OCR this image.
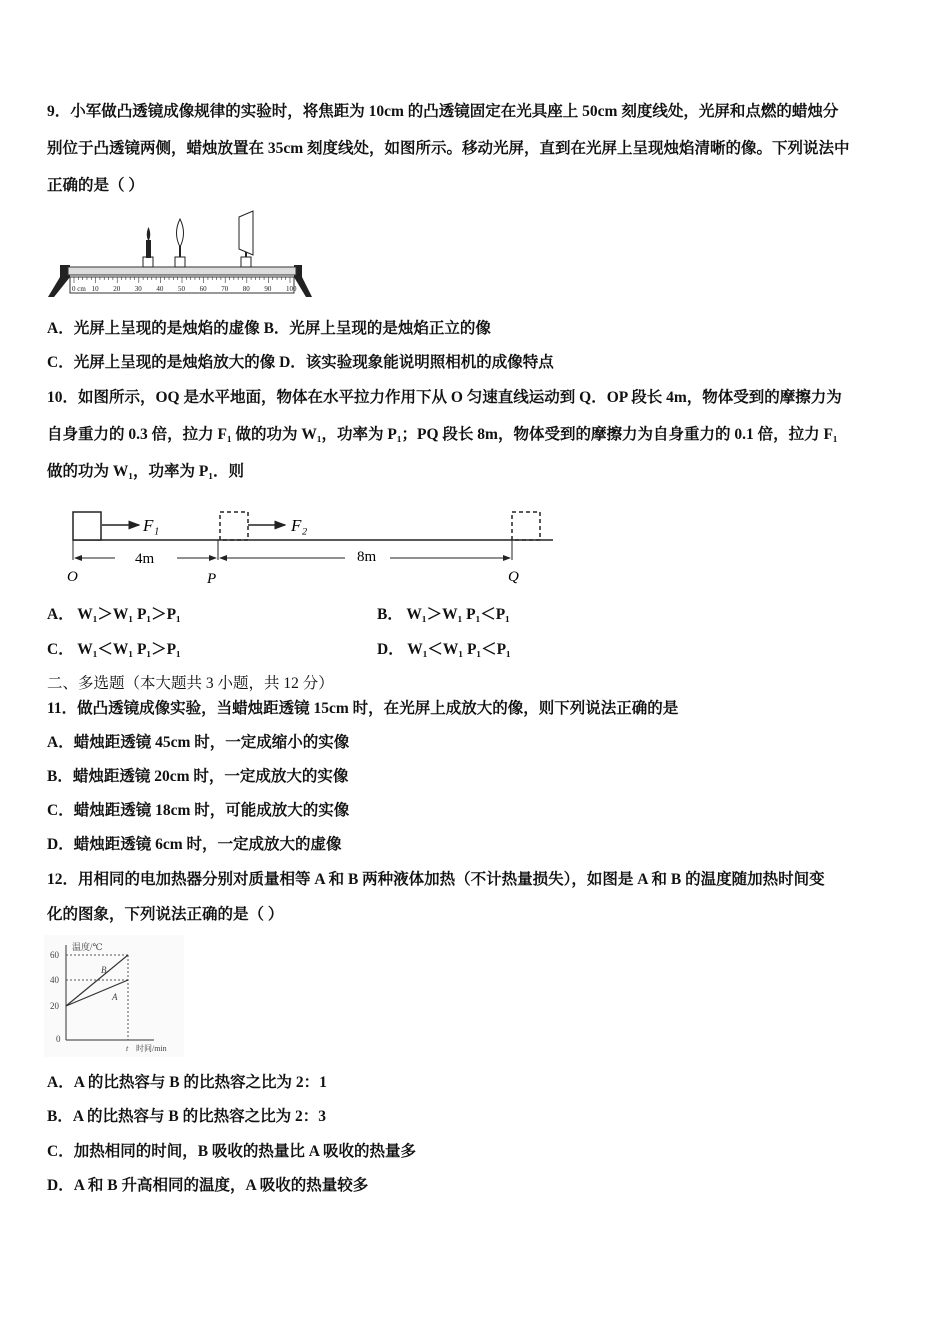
9．小军做凸透镜成像规律的实验时，将焦距为 10cm 的凸透镜固定在光具座上 50cm 刻度线处，光屏和点燃的蜡烛分
别位于凸透镜两侧，蜡烛放置在 35cm 刻度线处，如图所示。移动光屏，直到在光屏上呈现烛焰清晰的像。下列说法中
正确的是（ ）
0 cm 10 20 30 40 50 60 70 80 90 100
A．光屏上呈现的是烛焰的虚像 B．光屏上呈现的是烛焰正立的像
C．光屏上呈现的是烛焰放大的像 D．该实验现象能说明照相机的成像特点
10．如图所示，OQ 是水平地面，物体在水平拉力作用下从 O 匀速直线运动到 Q．OP 段长 4m，物体受到的摩擦力为
自身重力的 0.3 倍，拉力 F₁ 做的功为 W₁，功率为 P₁；PQ 段长 8m，物体受到的摩擦力为自身重力的 0.1 倍，拉力 F₁
做的功为 W₁，功率为 P₁．则
F₁	F₂
4m	8m
O	P	Q
A． W₁＞W₁ P₁＞P₁	B． W₁＞W₁ P₁＜P₁
C． W₁＜W₁ P₁＞P₁	D． W₁＜W₁ P₁＜P₁
二、多选题（本大题共 3 小题，共 12 分）
11．做凸透镜成像实验，当蜡烛距透镜 15cm 时，在光屏上成放大的像，则下列说法正确的是
A．蜡烛距透镜 45cm 时，一定成缩小的实像
B．蜡烛距透镜 20cm 时，一定成放大的实像
C．蜡烛距透镜 18cm 时，可能成放大的实像
D．蜡烛距透镜 6cm 时，一定成放大的虚像
12．用相同的电加热器分别对质量相等 A 和 B 两种液体加热（不计热量损失），如图是 A 和 B 的温度随加热时间变
化的图象，下列说法正确的是（ ）
温度/℃
60
40
20
0
t 时间/min
B
A
A．A 的比热容与 B 的比热容之比为 2：1
B．A 的比热容与 B 的比热容之比为 2：3
C．加热相同的时间，B 吸收的热量比 A 吸收的热量多
D．A 和 B 升高相同的温度，A 吸收的热量较多
